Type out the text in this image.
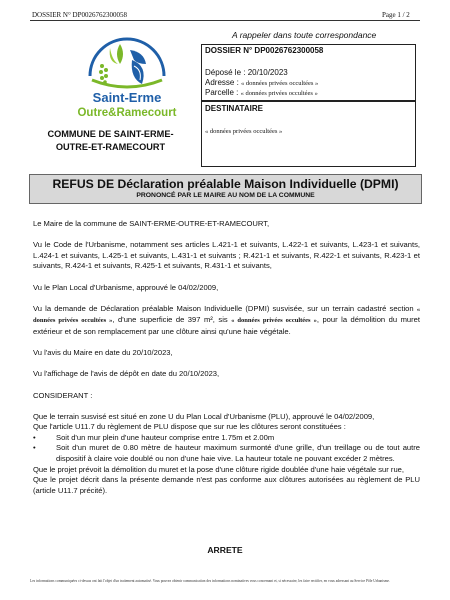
DOSSIER N° DP0026762300058	Page 1 / 2
Saint-Erme
Outre&Ramecourt
COMMUNE DE SAINT-ERME-OUTRE-ET-RAMECOURT
A rappeler dans toute correspondance
DOSSIER N° DP0026762300058
Déposé le : 20/10/2023
Adresse : « données privées occultées »
Parcelle : « données privées occultées »
DESTINATAIRE
« données privées occultées »
REFUS DE Déclaration préalable Maison Individuelle (DPMI)
PRONONCÉ PAR LE MAIRE AU NOM DE LA COMMUNE

Le Maire de la commune de SAINT-ERME-OUTRE-ET-RAMECOURT,

Vu le Code de l'Urbanisme, notamment ses articles L.421-1 et suivants, L.422-1 et suivants, L.423-1 et suivants, L.424-1 et suivants, L.425-1 et suivants, L.431-1 et suivants ; R.421-1 et suivants, R.422-1 et suivants, R.423-1 et suivants, R.424-1 et suivants, R.425-1 et suivants, R.431-1 et suivants,

Vu le Plan Local d'Urbanisme, approuvé le 04/02/2009,

Vu la demande de Déclaration préalable Maison Individuelle (DPMI) susvisée, sur un terrain cadastré section « données privées occultées », d'une superficie de 397 m², sis « données privées occultées », pour la démolition du muret extérieur et de son remplacement par une clôture ainsi qu'une haie végétale.

Vu l'avis du Maire en date du 20/10/2023,

Vu l'affichage de l'avis de dépôt en date du 20/10/2023,

CONSIDERANT :

Que le terrain susvisé est situé en zone U du Plan Local d'Urbanisme (PLU), approuvé le 04/02/2009,

Que l'article U11.7 du règlement de PLU dispose que sur rue les clôtures seront constituées :

•	Soit d'un mur plein d'une hauteur comprise entre 1.75m et 2.00m
•	Soit d'un muret de 0.80 mètre de hauteur maximum surmonté d'une grille, d'un treillage ou de tout autre dispositif à claire voie doublé ou non d'une haie vive. La hauteur totale ne pouvant excéder 2 mètres.

Que le projet prévoit la démolition du muret et la pose d'une clôture rigide doublée d'une haie végétale sur rue,

Que le projet décrit dans la présente demande n'est pas conforme aux clôtures autorisées au règlement de PLU (article U11.7 précité).

ARRETE
Les informations communiquées ci-dessus ont fait l'objet d'un traitement automatisé. Vous pouvez obtenir communication des informations nominatives vous concernant et, si nécessaire, les faire rectifier, en vous adressant au Service Pôle Urbanisme.
